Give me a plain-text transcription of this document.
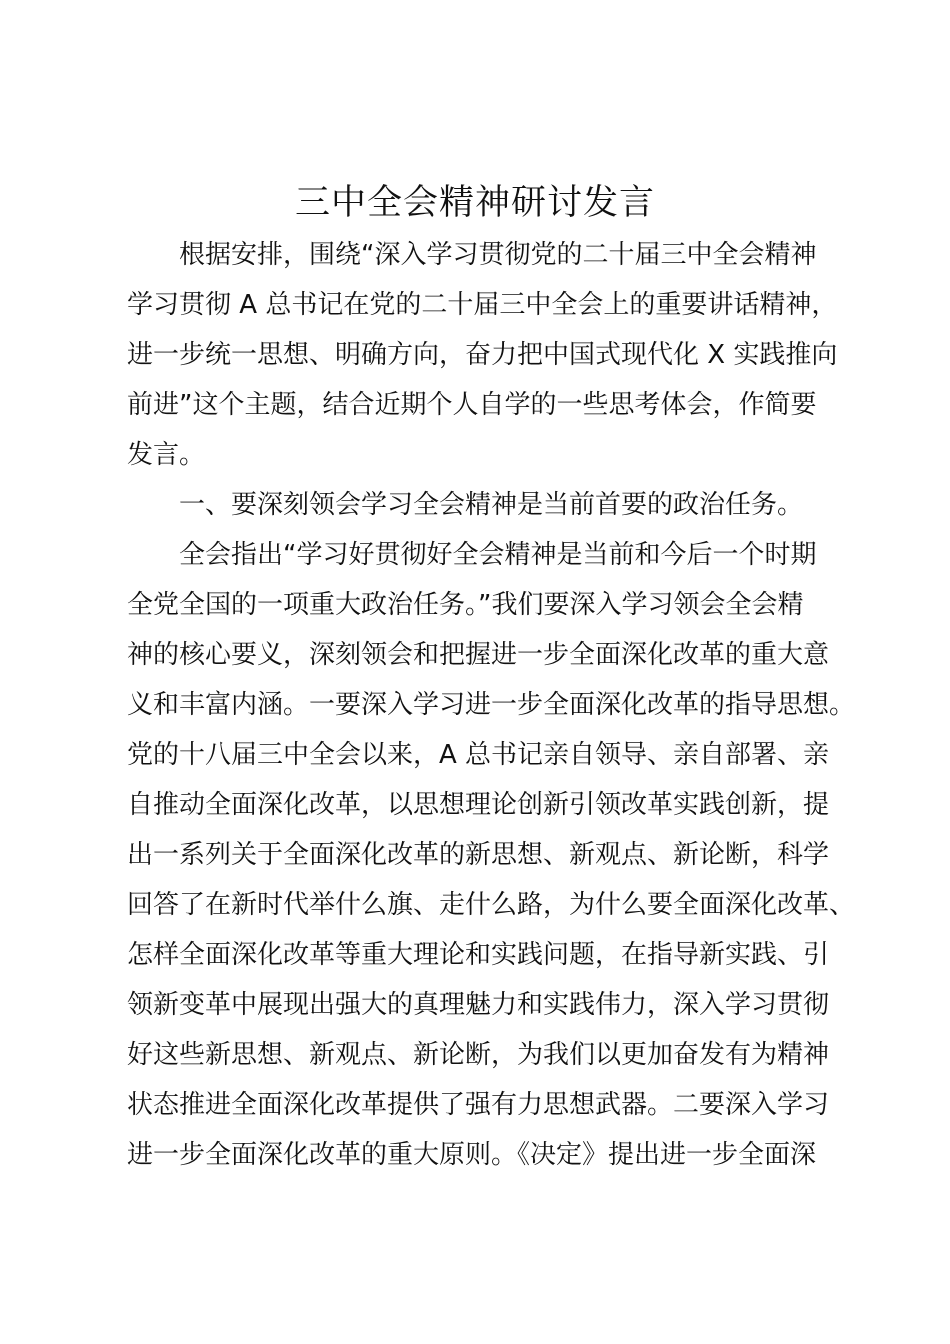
三中全会精神研讨发言
根据安排，围绕“深入学习贯彻党的二十届三中全会精神
学习贯彻 A 总书记在党的二十届三中全会上的重要讲话精神，
进一步统一思想、明确方向，奋力把中国式现代化 X 实践推向
前进”这个主题，结合近期个人自学的一些思考体会，作简要
发言。
一、要深刻领会学习全会精神是当前首要的政治任务。
全会指出“学习好贯彻好全会精神是当前和今后一个时期
全党全国的一项重大政治任务。”我们要深入学习领会全会精
神的核心要义，深刻领会和把握进一步全面深化改革的重大意
义和丰富内涵。一要深入学习进一步全面深化改革的指导思想。
党的十八届三中全会以来，A 总书记亲自领导、亲自部署、亲
自推动全面深化改革，以思想理论创新引领改革实践创新，提
出一系列关于全面深化改革的新思想、新观点、新论断，科学
回答了在新时代举什么旗、走什么路，为什么要全面深化改革、
怎样全面深化改革等重大理论和实践问题，在指导新实践、引
领新变革中展现出强大的真理魅力和实践伟力，深入学习贯彻
好这些新思想、新观点、新论断，为我们以更加奋发有为精神
状态推进全面深化改革提供了强有力思想武器。二要深入学习
进一步全面深化改革的重大原则。《决定》提出进一步全面深
